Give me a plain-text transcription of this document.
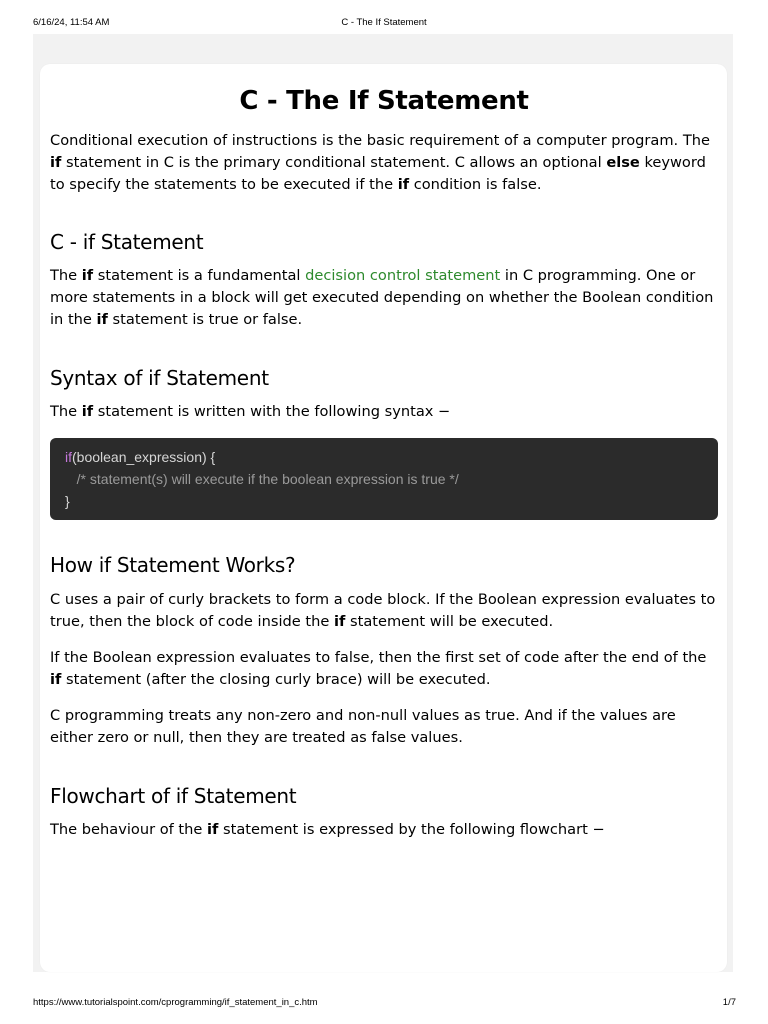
6/16/24, 11:54 AM	C - The If Statement
C - The If Statement

Conditional execution of instructions is the basic requirement of a computer program. The if statement in C is the primary conditional statement. C allows an optional else keyword to specify the statements to be executed if the if condition is false.

C - if Statement

The if statement is a fundamental decision control statement in C programming. One or more statements in a block will get executed depending on whether the Boolean condition in the if statement is true or false.

Syntax of if Statement

The if statement is written with the following syntax −

if(boolean_expression) {
/* statement(s) will execute if the boolean expression is true */
}
How if Statement Works?

C uses a pair of curly brackets to form a code block. If the Boolean expression evaluates to true, then the block of code inside the if statement will be executed.

If the Boolean expression evaluates to false, then the first set of code after the end of the if statement (after the closing curly brace) will be executed.

C programming treats any non-zero and non-null values as true. And if the values are either zero or null, then they are treated as false values.

Flowchart of if Statement

The behaviour of the if statement is expressed by the following flowchart −

https://www.tutorialspoint.com/cprogramming/if_statement_in_c.htm	1/7
